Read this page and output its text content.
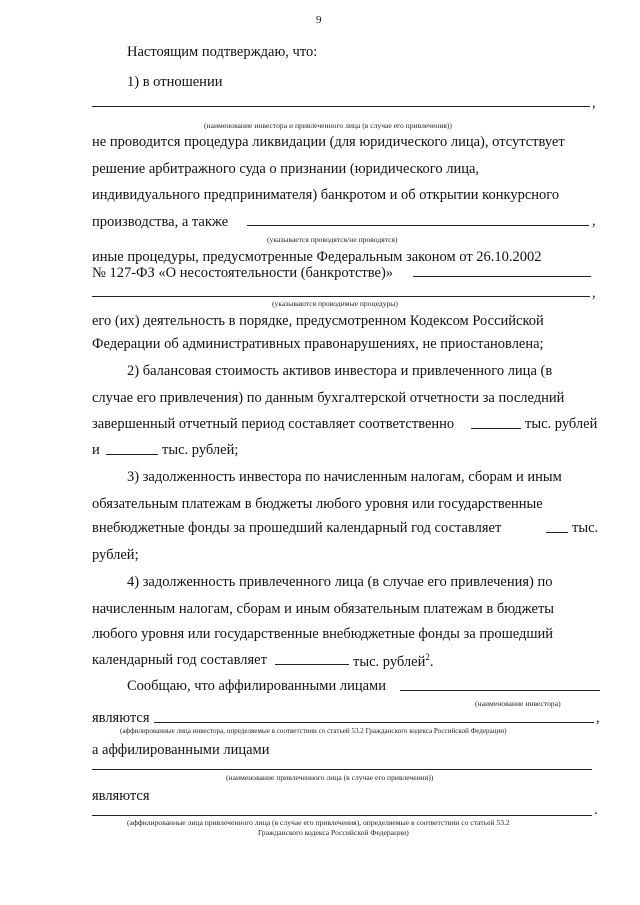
9
Настоящим подтверждаю, что:
1) в отношении
,
(наименование инвестора и привлеченного лица (в случае его привлечения))
не проводится процедура ликвидации (для юридического лица), отсутствует
решение арбитражного суда о признании (юридического лица,
индивидуального предпринимателя) банкротом и об открытии конкурсного
производства, а также	,
(указывается проводятся/не проводятся)
иные процедуры, предусмотренные Федеральным законом от 26.10.2002
№ 127-ФЗ «О несостоятельности (банкротстве)»
,
(указываются проводимые процедуры)
его (их) деятельность в порядке, предусмотренном Кодексом Российской
Федерации об административных правонарушениях, не приостановлена;
2) балансовая стоимость активов инвестора и привлеченного лица (в
случае его привлечения) по данным бухгалтерской отчетности за последний
завершенный отчетный период составляет соответственно	тыс. рублей
и	тыс. рублей;
3) задолженность инвестора по начисленным налогам, сборам и иным
обязательным платежам в бюджеты любого уровня или государственные
внебюджетные фонды за прошедший календарный год составляет	тыс.
рублей;
4) задолженность привлеченного лица (в случае его привлечения) по
начисленным налогам, сборам и иным обязательным платежам в бюджеты
любого уровня или государственные внебюджетные фонды за прошедший
календарный год составляет	тыс. рублей$^2$.
Сообщаю, что аффилированными лицами
(наименование инвестора)
являются	,
(аффилированные лица инвестора, определяемые в соответствии со статьей 53.2 Гражданского кодекса Российской Федерации)
а аффилированными лицами
(наименование привлеченного лица (в случае его привлечения))
являются
.
(аффилированные лица привлеченного лица (в случае его привлечения), определяемые в соответствии со статьей 53.2
Гражданского кодекса Российской Федерации)
